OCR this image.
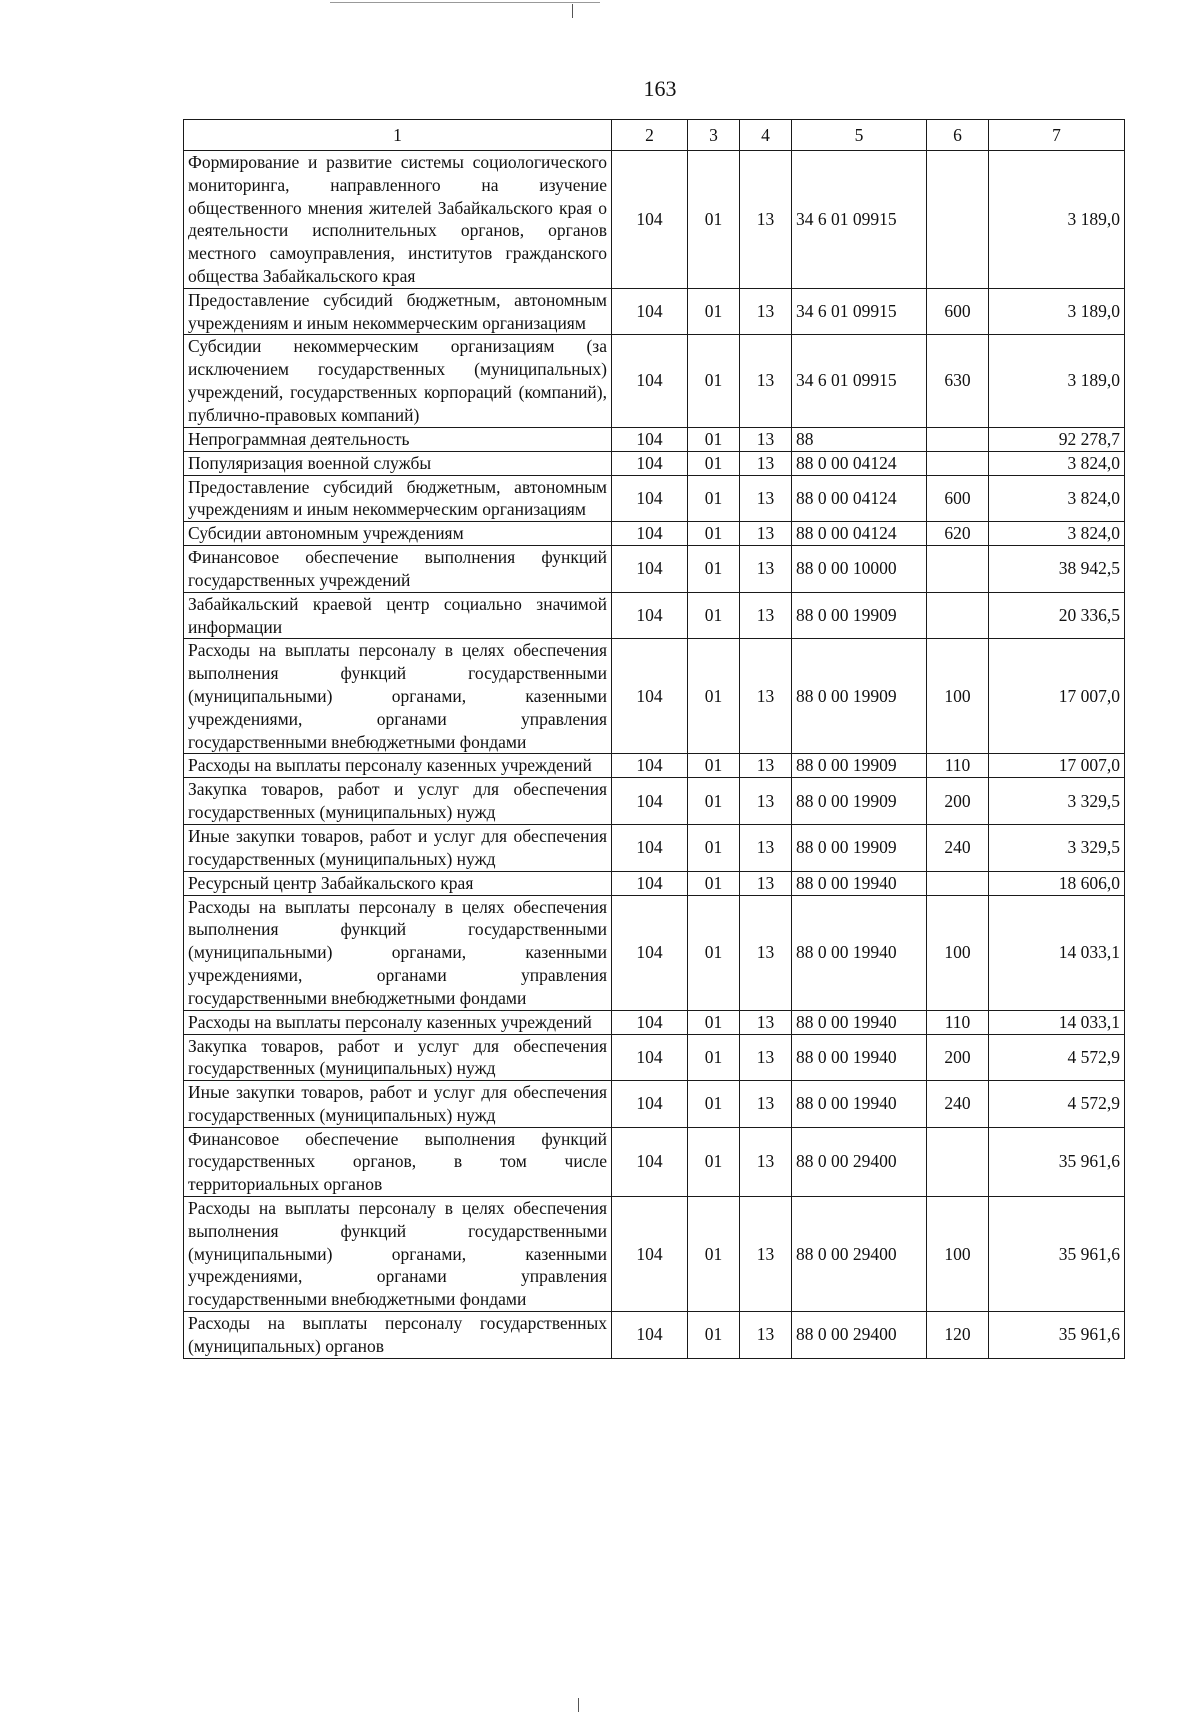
163
1	2	3	4	5	6	7
Формирование и развитие системы социологического мониторинга, направленного на изучение общественного мнения жителей Забайкальского края о деятельности исполнительных органов, органов местного самоуправления, институтов гражданского общества Забайкальского края	104	01	13	34 6 01 09915		3 189,0
Предоставление субсидий бюджетным, автономным учреждениям и иным некоммерческим организациям	104	01	13	34 6 01 09915	600	3 189,0
Субсидии некоммерческим организациям (за исключением государственных (муниципальных) учреждений, государственных корпораций (компаний), публично-правовых компаний)	104	01	13	34 6 01 09915	630	3 189,0
Непрограммная деятельность	104	01	13	88		92 278,7
Популяризация военной службы	104	01	13	88 0 00 04124		3 824,0
Предоставление субсидий бюджетным, автономным учреждениям и иным некоммерческим организациям	104	01	13	88 0 00 04124	600	3 824,0
Субсидии автономным учреждениям	104	01	13	88 0 00 04124	620	3 824,0
Финансовое обеспечение выполнения функций государственных учреждений	104	01	13	88 0 00 10000		38 942,5
Забайкальский краевой центр социально значимой информации	104	01	13	88 0 00 19909		20 336,5
Расходы на выплаты персоналу в целях обеспечения выполнения функций государственными (муниципальными) органами, казенными учреждениями, органами управления государственными внебюджетными фондами	104	01	13	88 0 00 19909	100	17 007,0
Расходы на выплаты персоналу казенных учреждений	104	01	13	88 0 00 19909	110	17 007,0
Закупка товаров, работ и услуг для обеспечения государственных (муниципальных) нужд	104	01	13	88 0 00 19909	200	3 329,5
Иные закупки товаров, работ и услуг для обеспечения государственных (муниципальных) нужд	104	01	13	88 0 00 19909	240	3 329,5
Ресурсный центр Забайкальского края	104	01	13	88 0 00 19940		18 606,0
Расходы на выплаты персоналу в целях обеспечения выполнения функций государственными (муниципальными) органами, казенными учреждениями, органами управления государственными внебюджетными фондами	104	01	13	88 0 00 19940	100	14 033,1
Расходы на выплаты персоналу казенных учреждений	104	01	13	88 0 00 19940	110	14 033,1
Закупка товаров, работ и услуг для обеспечения государственных (муниципальных) нужд	104	01	13	88 0 00 19940	200	4 572,9
Иные закупки товаров, работ и услуг для обеспечения государственных (муниципальных) нужд	104	01	13	88 0 00 19940	240	4 572,9
Финансовое обеспечение выполнения функций государственных органов, в том числе территориальных органов	104	01	13	88 0 00 29400		35 961,6
Расходы на выплаты персоналу в целях обеспечения выполнения функций государственными (муниципальными) органами, казенными учреждениями, органами управления государственными внебюджетными фондами	104	01	13	88 0 00 29400	100	35 961,6
Расходы на выплаты персоналу государственных (муниципальных) органов	104	01	13	88 0 00 29400	120	35 961,6
